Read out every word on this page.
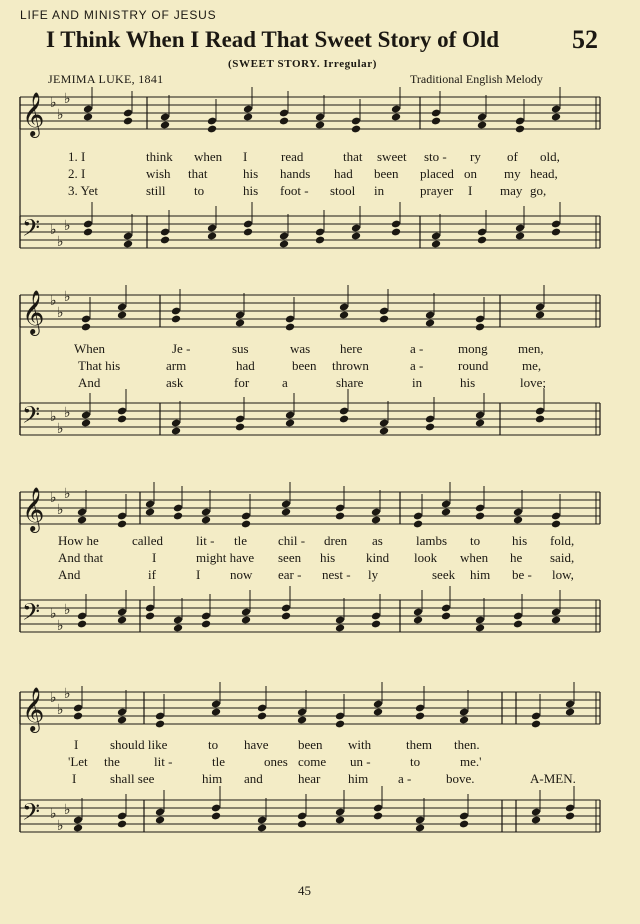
LIFE AND MINISTRY OF JESUS
I Think When I Read That Sweet Story of Old	52
(SWEET STORY. Irregular)
JEMIMA LUKE, 1841	Traditional English Melody
𝄞 ♭
♭
♭
𝄢 ♭
♭
♭
𝄞 ♭
♭
♭
𝄢 ♭
♭
♭
𝄞 ♭
♭
♭
𝄢 ♭
♭
♭
𝄞 ♭
♭
♭
𝄢 ♭
♭
♭
1. I	think when I	read	that sweet sto - ry of old,
2. I	wish that	his hands had been placed on my head,
3. Yet	still to	his foot - stool in	prayer I may go,
When	Je -	sus	was here	a -	mong men,
That his	arm	had	been thrown	a -	round	me,
And	ask	for	a	share	in	his	love;
How he	called	lit - tle chil - dren as	lambs to his fold,
And that	I	might have seen his kind look when he said,
And	if	I now ear - nest - ly	seek him be - low,
I should like	to have been with	them then.
'Let the	lit -	tle	ones come un -	to	me.'
I	shall see	him and	hear him a -	bove.	A-MEN.
45
